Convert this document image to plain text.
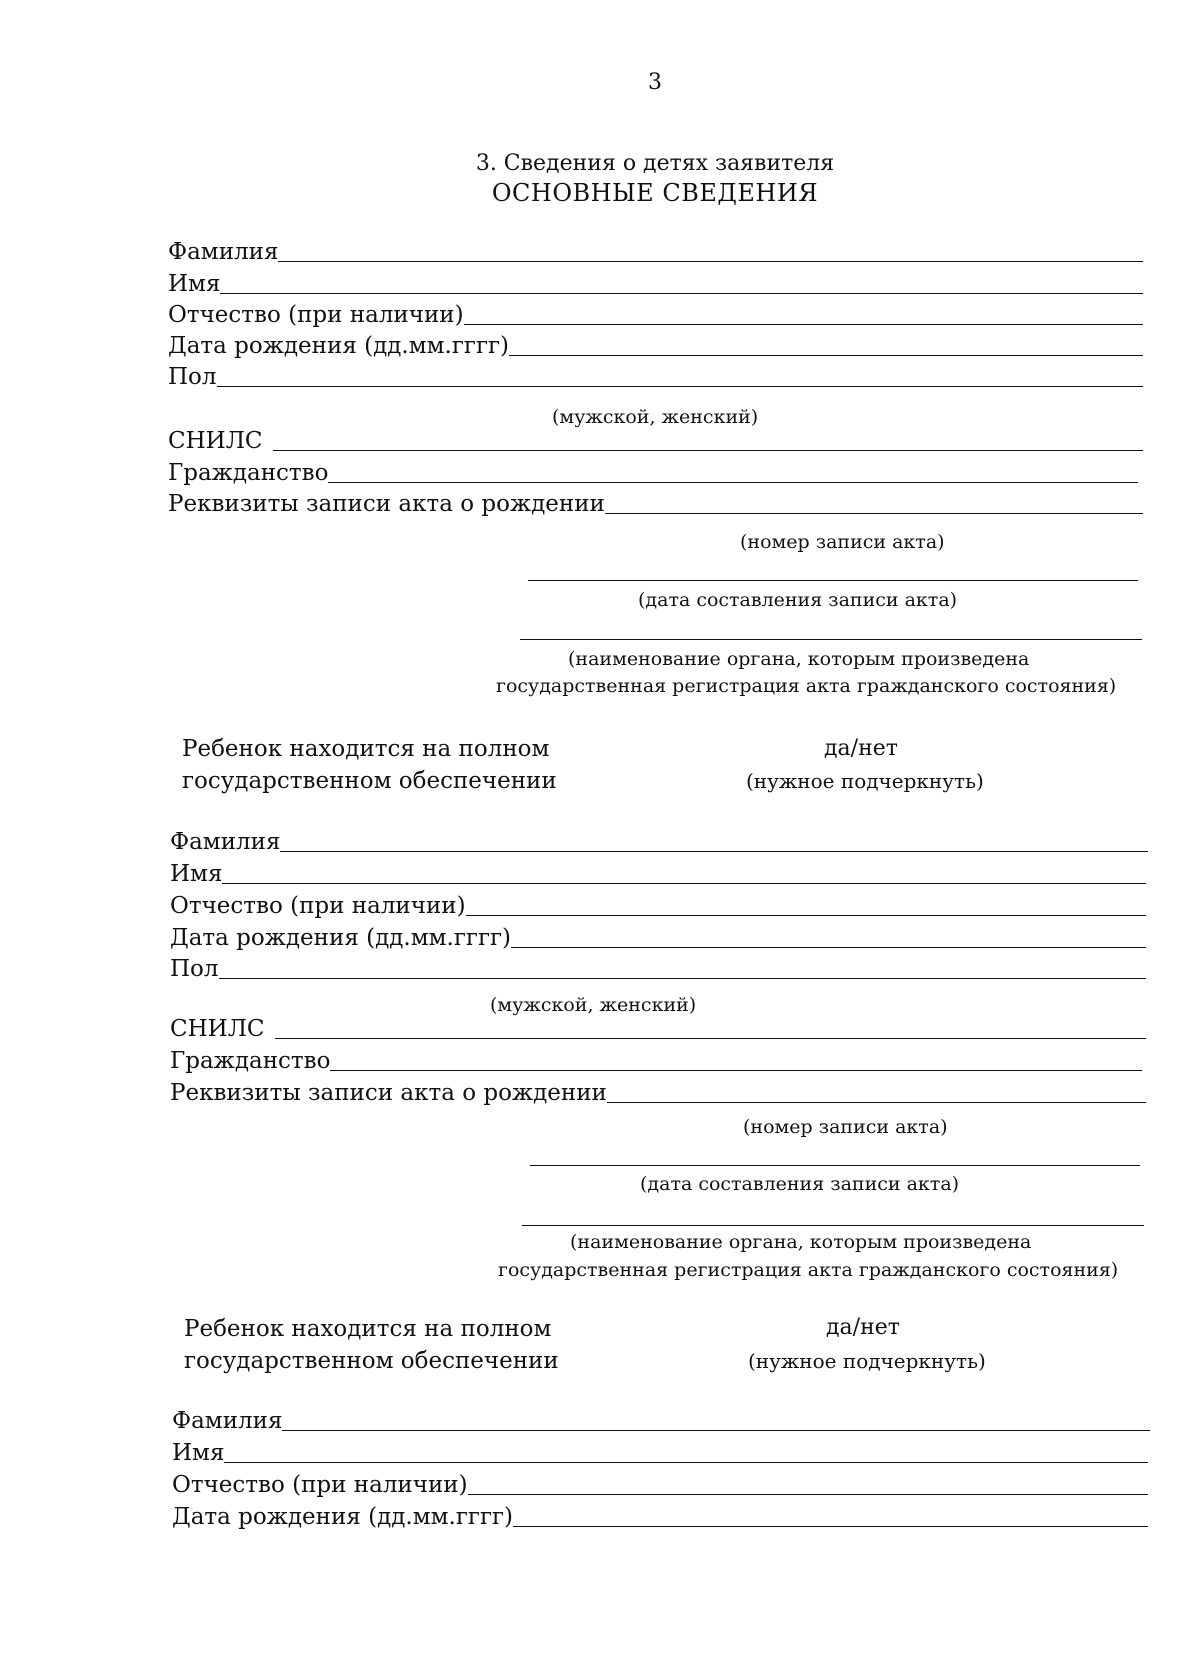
3
3. Сведения о детях заявителя
ОСНОВНЫЕ СВЕДЕНИЯ
Фамилия
Имя
Отчество (при наличии)
Дата рождения (дд.мм.гггг)
Пол
(мужской, женский)
СНИЛС
Гражданство
Реквизиты записи акта о рождении
(номер записи акта)
(дата составления записи акта)
(наименование органа, которым произведена
государственная регистрация акта гражданского состояния)
Ребенок находится на полном
государственном обеспечении
да/нет
(нужное подчеркнуть)
Фамилия
Имя
Отчество (при наличии)
Дата рождения (дд.мм.гггг)
Пол
(мужской, женский)
СНИЛС
Гражданство
Реквизиты записи акта о рождении
(номер записи акта)
(дата составления записи акта)
(наименование органа, которым произведена
государственная регистрация акта гражданского состояния)
Ребенок находится на полном
государственном обеспечении
да/нет
(нужное подчеркнуть)
Фамилия
Имя
Отчество (при наличии)
Дата рождения (дд.мм.гггг)
